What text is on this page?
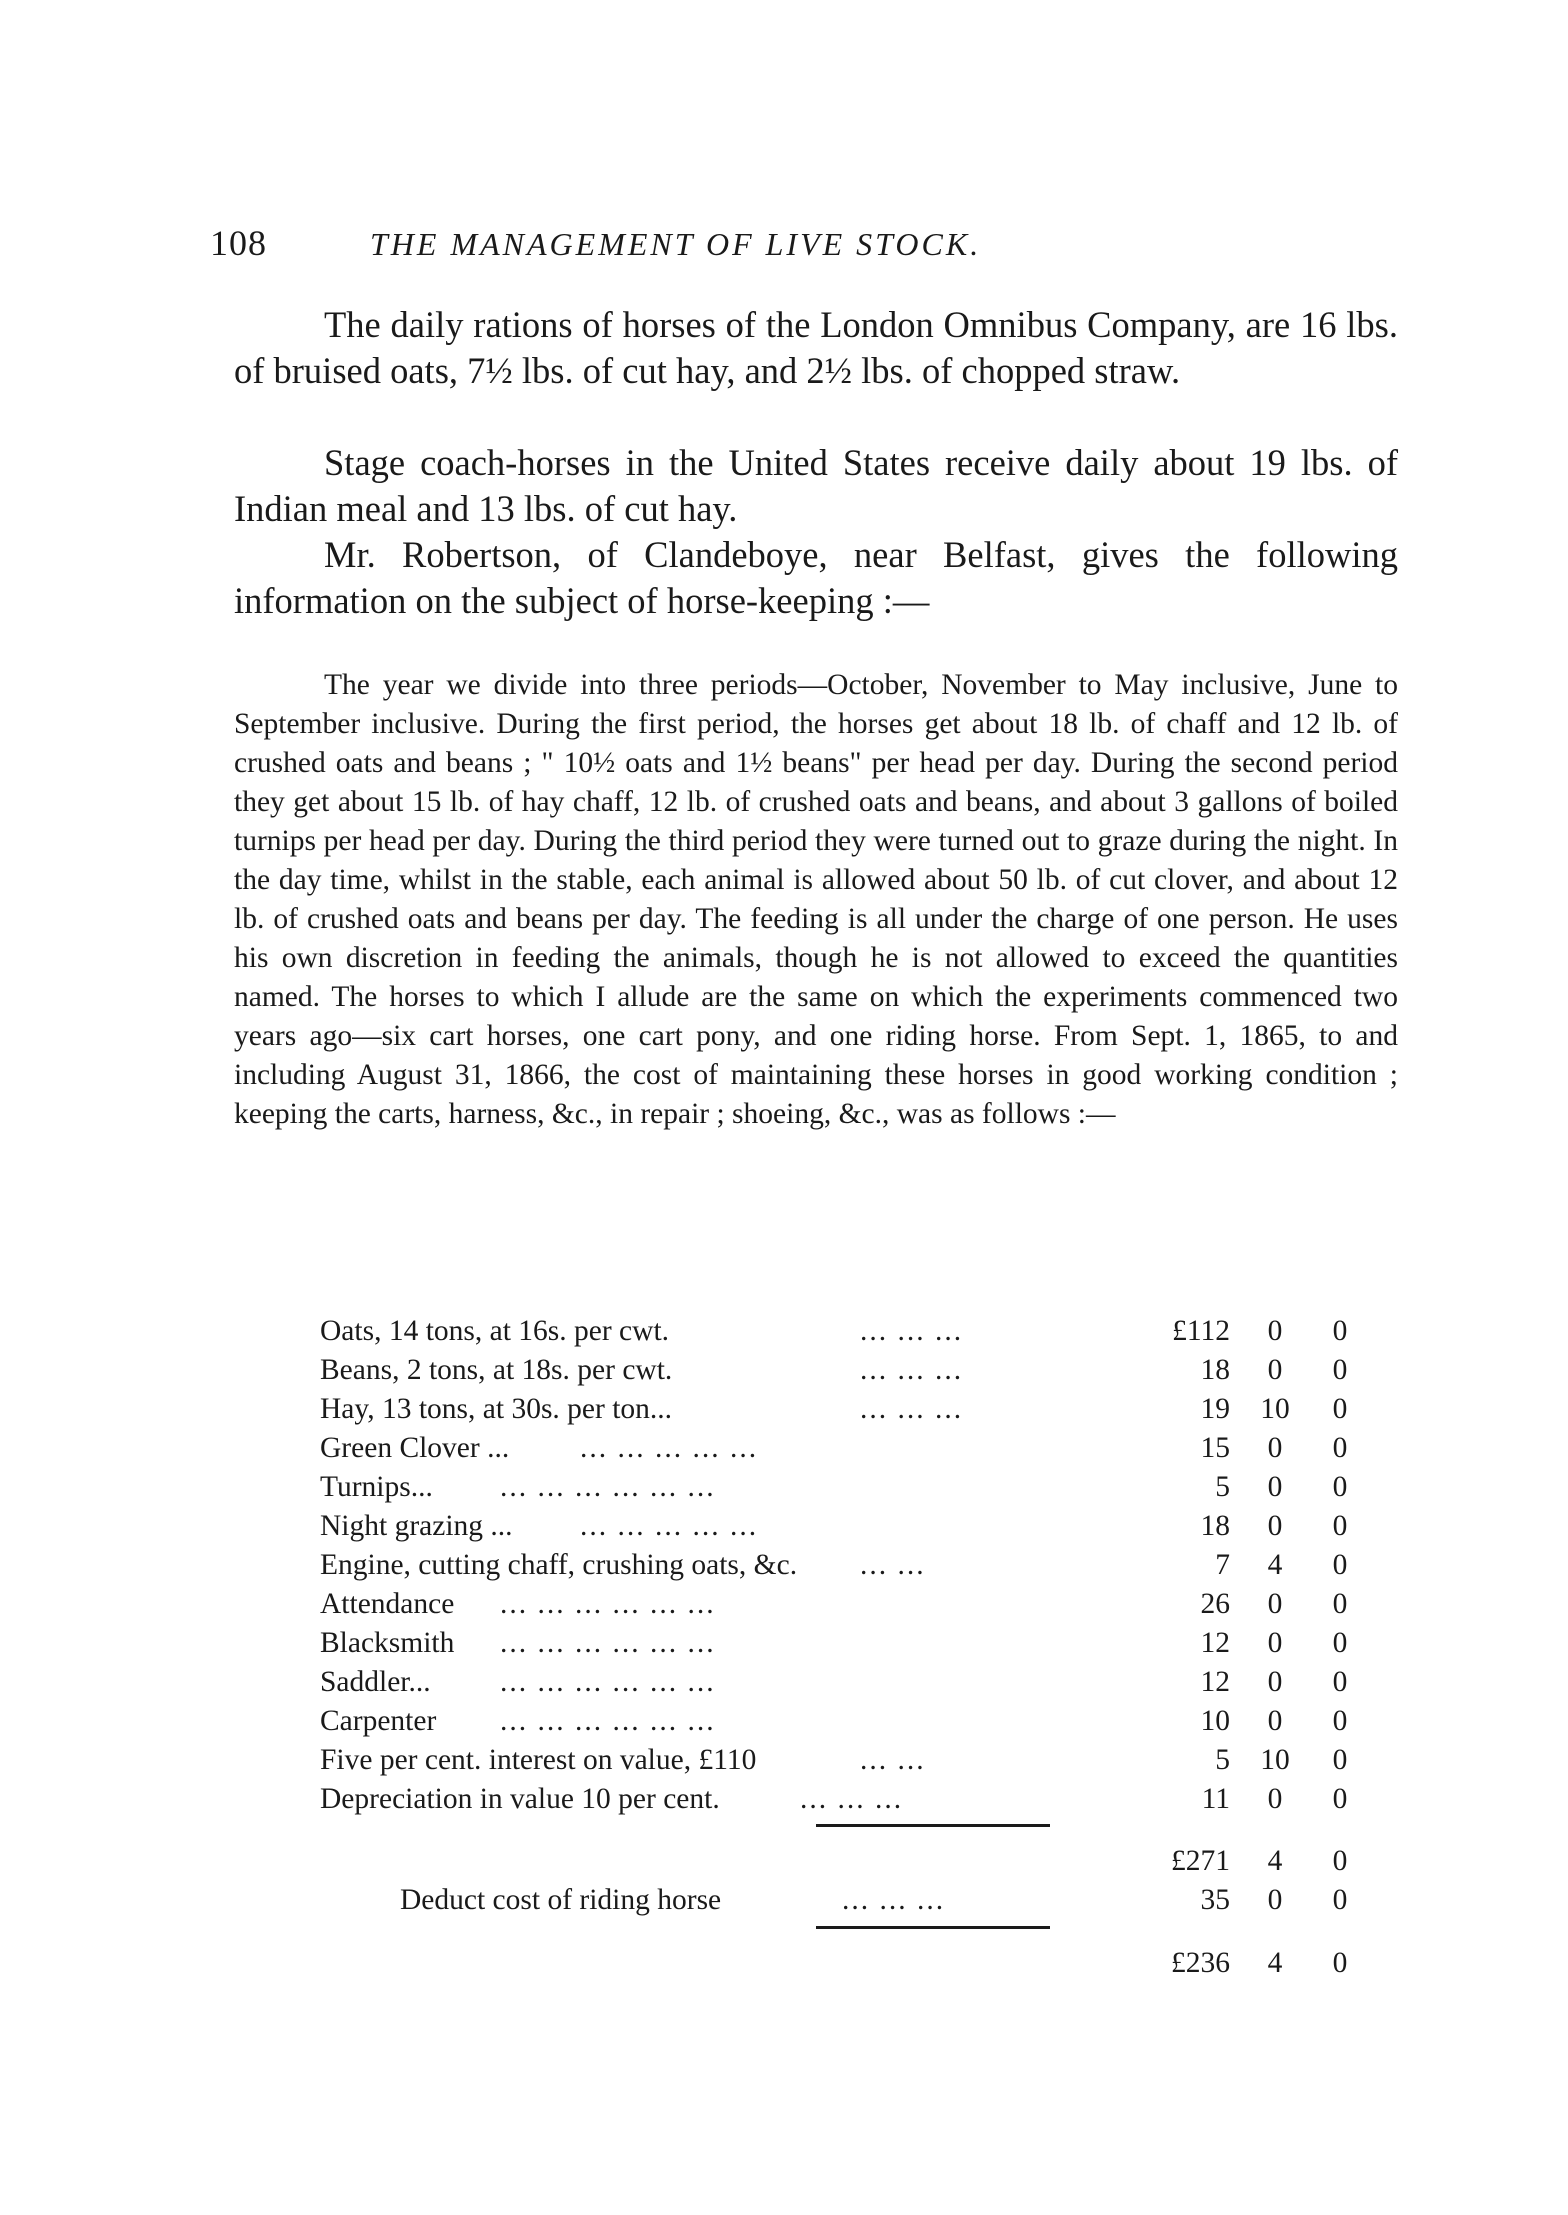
108	THE MANAGEMENT OF LIVE STOCK.

The daily rations of horses of the London Omnibus Company, are 16 lbs. of bruised oats, 7½ lbs. of cut hay, and 2½ lbs. of chopped straw.

Stage coach-horses in the United States receive daily about 19 lbs. of Indian meal and 13 lbs. of cut hay.

Mr. Robertson, of Clandeboye, near Belfast, gives the following information on the subject of horse-keeping :—

The year we divide into three periods—October, November to May inclusive, June to September inclusive. During the first period, the horses get about 18 lb. of chaff and 12 lb. of crushed oats and beans ; " 10½ oats and 1½ beans" per head per day. During the second period they get about 15 lb. of hay chaff, 12 lb. of crushed oats and beans, and about 3 gallons of boiled turnips per head per day. During the third period they were turned out to graze during the night. In the day time, whilst in the stable, each animal is allowed about 50 lb. of cut clover, and about 12 lb. of crushed oats and beans per day. The feeding is all under the charge of one person. He uses his own discretion in feeding the animals, though he is not allowed to exceed the quantities named. The horses to which I allude are the same on which the experiments commenced two years ago—six cart horses, one cart pony, and one riding horse. From Sept. 1, 1865, to and including August 31, 1866, the cost of maintaining these horses in good working condition ; keeping the carts, harness, &c., in repair ; shoeing, &c., was as follows :—

Oats, 14 tons, at 16s. per cwt.	... ... ...	£112	0	0
Beans, 2 tons, at 18s. per cwt.	... ... ...	18	0	0
Hay, 13 tons, at 30s. per ton...	... ... ...	19	10	0
Green Clover ... ... ... ... ... ...	15	0	0
Turnips... ... ... ... ... ... ...	5	0	0
Night grazing ... ... ... ... ... ...	18	0	0
Engine, cutting chaff, crushing oats, &c. ... ...	7	4	0
Attendance ... ... ... ... ... ...	26	0	0
Blacksmith ... ... ... ... ... ...	12	0	0
Saddler... ... ... ... ... ... ...	12	0	0
Carpenter ... ... ... ... ... ...	10	0	0
Five per cent. interest on value, £110	... ...	5	10	0
Depreciation in value 10 per cent.	... ... ...	11	0	0
£271	4	0
Deduct cost of riding horse	... ... ...	35	0	0
£236	4	0
